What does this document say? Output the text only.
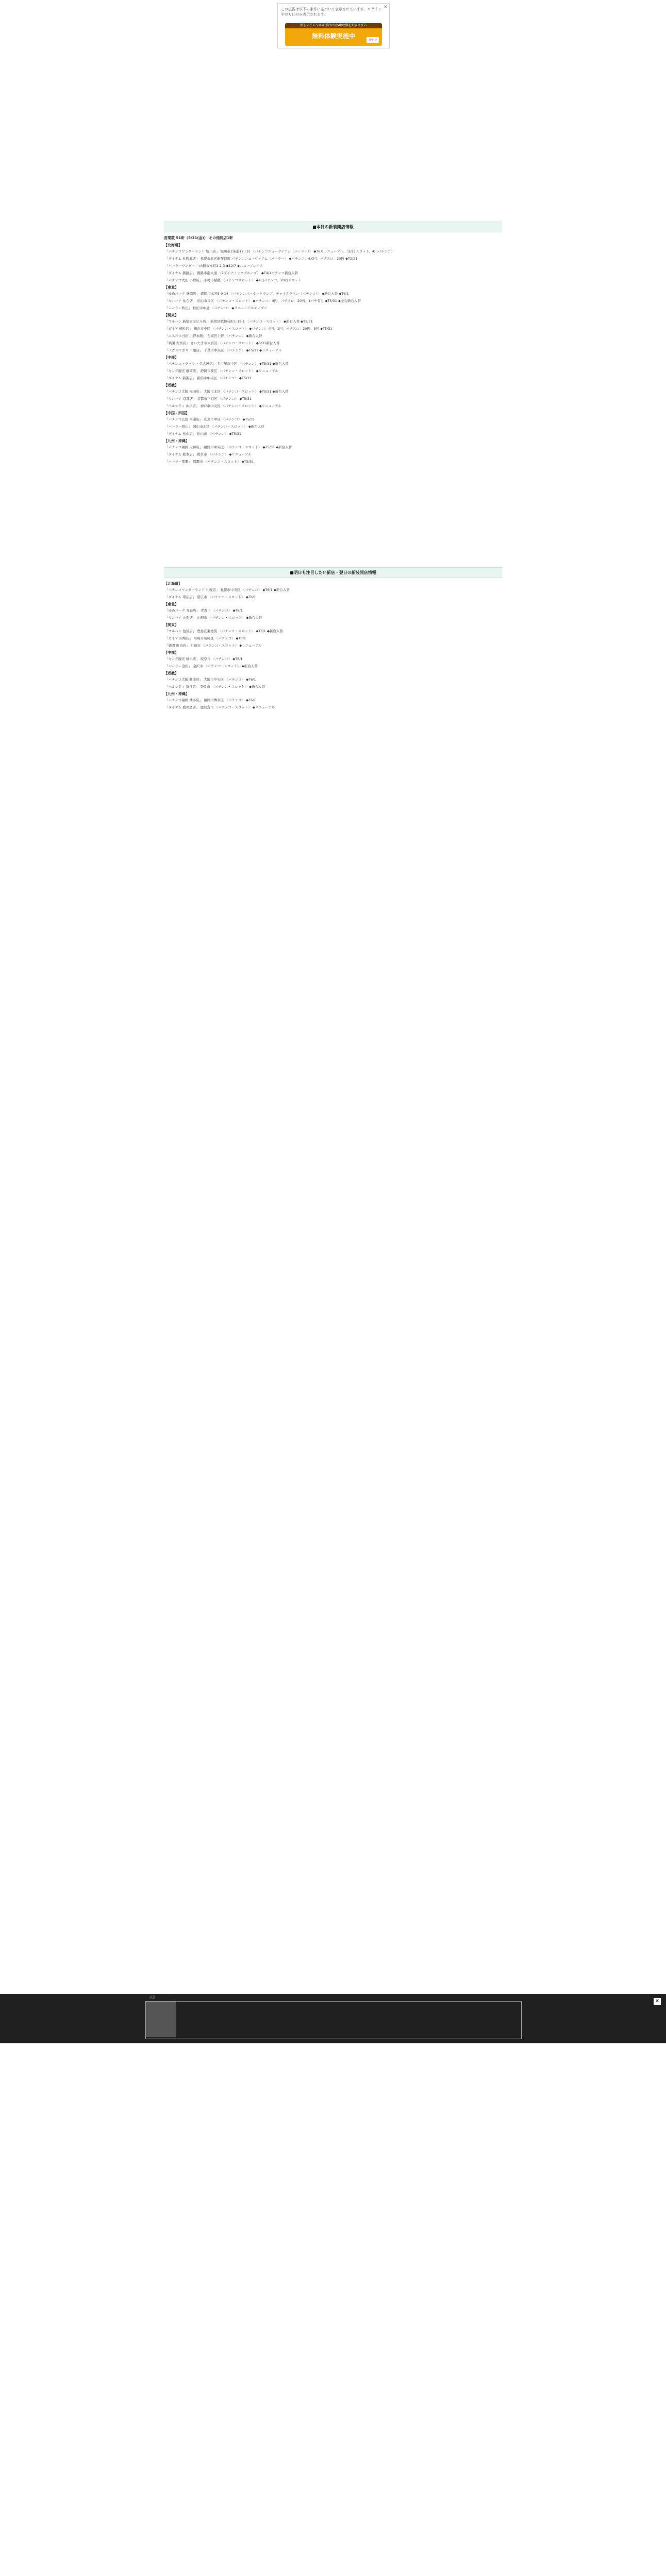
この広告は以下の条件に基づいて表示されています。ログイン中の方にのみ表示されます。
✕
新しいチャンネル 鮮やかな4K映像をお届けする
無料体験実施中
今すぐ
■本日の新装開店情報
営業数 51軒（5/31(金)） その他開店1軒
【北海道】
「パチンコワンダーランド 旭川店」 旭川市2条通17丁目 〈パチンコニューサイアム（パーラー）〉 ◆T6月リニューアル、〈2/21スロット、4円パチンコ〉
「ダイナム 札幌北店」 札幌市北区新琴似町 パチンコニューサイアム〈パーラー〉 ◆パチンコ：4.0円、パチスロ：20円 ◆T2/21
「パーラーワンダー」 函館市本町1-2-3 ◆12/7 ◆ニュープレイス
「ダイナム 釧路店」 釧路市南大通 〈2ダイナミックグループ〉 ◆T4/1パチンコ新台入替
「パチンコ大山 小樽店」 小樽市稲穂 〈パチンコスロット〉 ◆4円パチンコ、20円スロット
【東北】
「ゆめパーク 盛岡店」 盛岡市本宮5-9-14 〈パチンコパーラートランプ、チャイクラウン（パチンコ）〉 ◆新台入替 ◆T6/1
「キコーナ 仙台店」 仙台市泉区 〈パチンコ・スロット〉 ◆パチンコ：4円、パチスロ：20円、1パチ有り ◆T5/31 ◆全台新台入替
「パーラー秋田」 秋田市中通 〈パチンコ〉 ◆リニューアルオープン
【関東】
「マルハン 新宿東宝ビル店」 新宿区歌舞伎町1-19-1 〈パチンコ・スロット〉 ◆新台入替 ◆T5/31
「ガイア 横浜店」 横浜市中区 〈パチンコ・スロット〉 ◆パチンコ：4円、1円、パチスロ：20円、5円 ◆T5/31
「エスパス日拓 上野本館」 台東区上野 〈パチンコ〉 ◆新台入替
「楽園 大宮店」 さいたま市大宮区 〈パチンコ・スロット〉 ◆5/31新台入替
「ベガスベガス 千葉店」 千葉市中央区 〈パチンコ〉 ◆T5/31 ◆リニューアル
【中部】
「パチンコ・ラッキー 名古屋店」 名古屋市中区 〈パチンコ〉 ◆T5/31 ◆新台入替
「キング観光 静岡店」 静岡市葵区 〈パチンコ・スロット〉 ◆リニューアル
「ダイナム 新潟店」 新潟市中央区 〈パチンコ〉 ◆T5/31
【近畿】
「パチンコ大阪 梅田店」 大阪市北区 〈パチンコ・スロット〉 ◆T5/31 ◆新台入替
「キコーナ 京都店」 京都市下京区 〈パチンコ〉 ◆T5/31
「ベルシティ 神戸店」 神戸市中央区 〈パチンコ・スロット〉 ◆リニューアル
【中国・四国】
「パチンコ広島 本通店」 広島市中区 〈パチンコ〉 ◆T5/31
「パーラー岡山」 岡山市北区 〈パチンコ・スロット〉 ◆新台入替
「ダイナム 松山店」 松山市 〈パチンコ〉 ◆T5/31
【九州・沖縄】
「パチンコ福岡 天神店」 福岡市中央区 〈パチンコ・スロット〉 ◆T5/31 ◆新台入替
「ダイナム 熊本店」 熊本市 〈パチンコ〉 ◆リニューアル
「パーラー那覇」 那覇市 〈パチンコ・スロット〉 ◆T5/31
■明日も注目したい新店・翌日の新装開店情報
【北海道】
「パチンコワンダーランド 札幌店」 札幌市中央区 〈パチンコ〉 ◆T6/1 ◆新台入替
「ダイナム 帯広店」 帯広市 〈パチンコ・スロット〉 ◆T6/1
【東北】
「ゆめパーク 青森店」 青森市 〈パチンコ〉 ◆T6/1
「キコーナ 山形店」 山形市 〈パチンコ・スロット〉 ◆新台入替
【関東】
「マルハン 池袋店」 豊島区東池袋 〈パチンコ・スロット〉 ◆T6/1 ◆新台入替
「ガイア 川崎店」 川崎市川崎区 〈パチンコ〉 ◆T6/1
「楽園 町田店」 町田市 〈パチンコ・スロット〉 ◆リニューアル
【中部】
「キング観光 岐阜店」 岐阜市 〈パチンコ〉 ◆T6/1
「パーラー金沢」 金沢市 〈パチンコ・スロット〉 ◆新台入替
【近畿】
「パチンコ大阪 難波店」 大阪市中央区 〈パチンコ〉 ◆T6/1
「ベルシティ 奈良店」 奈良市 〈パチンコ・スロット〉 ◆新台入替
【九州・沖縄】
「パチンコ福岡 博多店」 福岡市博多区 〈パチンコ〉 ◆T6/1
「ダイナム 鹿児島店」 鹿児島市 〈パチンコ・スロット〉 ◆リニューアル
広告
✕
